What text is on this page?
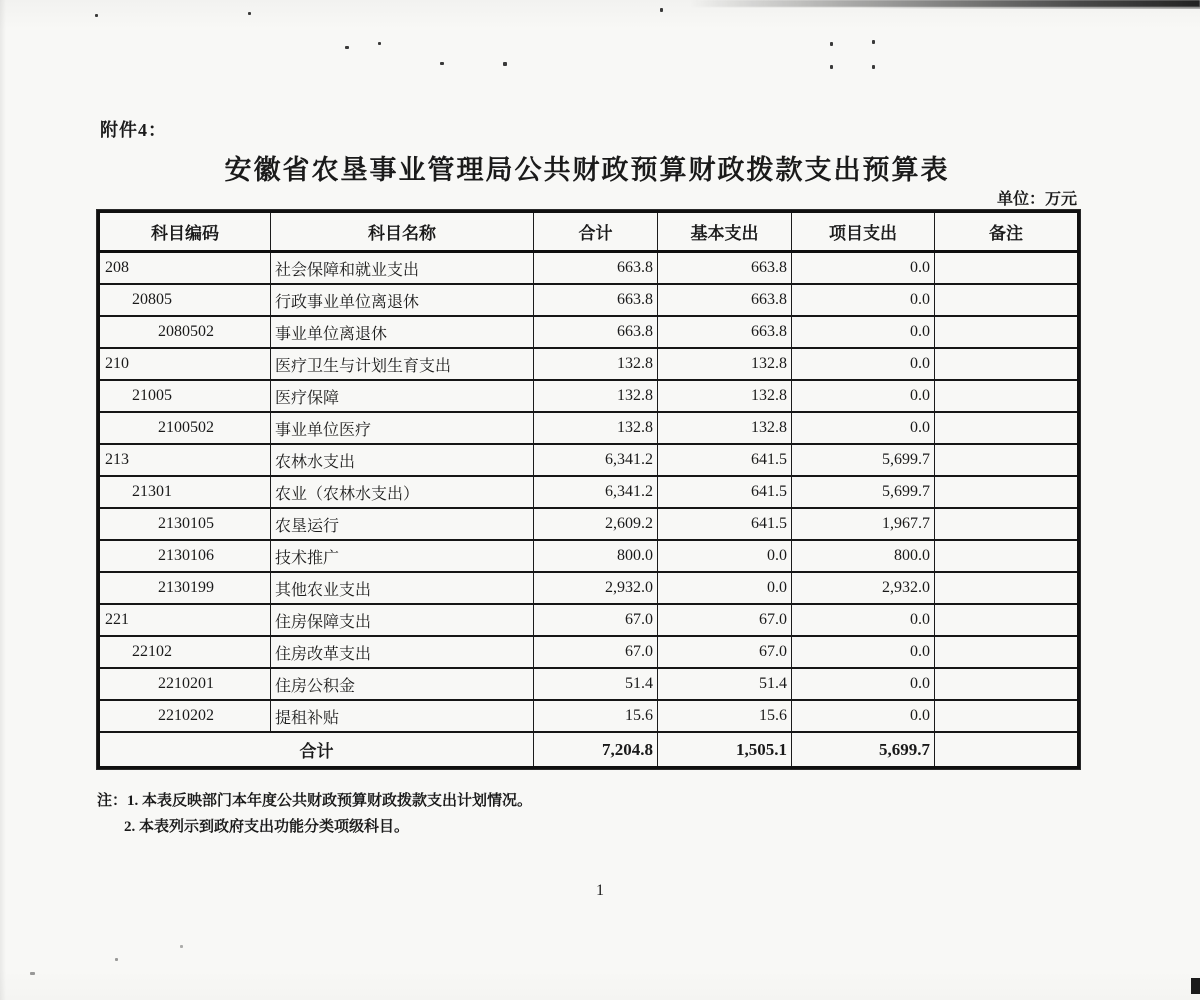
附件4：
安徽省农垦事业管理局公共财政预算财政拨款支出预算表
单位：万元
科目编码	科目名称	合计	基本支出	项目支出	备注
208	社会保障和就业支出	663.8	663.8	0.0	
20805	行政事业单位离退休	663.8	663.8	0.0	
2080502	事业单位离退休	663.8	663.8	0.0	
210	医疗卫生与计划生育支出	132.8	132.8	0.0	
21005	医疗保障	132.8	132.8	0.0	
2100502	事业单位医疗	132.8	132.8	0.0	
213	农林水支出	6,341.2	641.5	5,699.7	
21301	农业（农林水支出）	6,341.2	641.5	5,699.7	
2130105	农垦运行	2,609.2	641.5	1,967.7	
2130106	技术推广	800.0	0.0	800.0	
2130199	其他农业支出	2,932.0	0.0	2,932.0	
221	住房保障支出	67.0	67.0	0.0	
22102	住房改革支出	67.0	67.0	0.0	
2210201	住房公积金	51.4	51.4	0.0	
2210202	提租补贴	15.6	15.6	0.0	
合计		7,204.8	1,505.1	5,699.7	
注：1. 本表反映部门本年度公共财政预算财政拨款支出计划情况。
2. 本表列示到政府支出功能分类项级科目。
1
